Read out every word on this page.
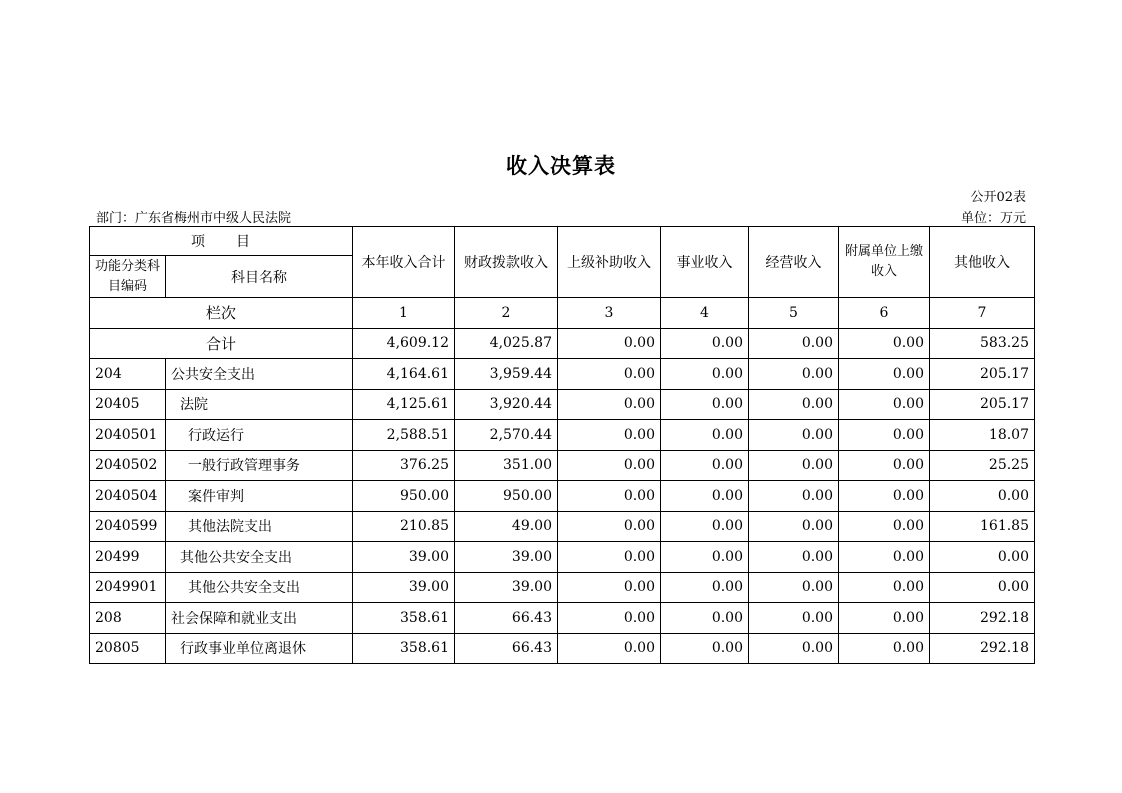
收入决算表
公开02表
部门：广东省梅州市中级人民法院	单位：万元
项　　目		本年收入合计	财政拨款收入	上级补助收入	事业收入	经营收入	附属单位上缴收入	其他收入
功能分类科目编码	科目名称							
栏次		1	2	3	4	5	6	7
合计		4,609.12	4,025.87	0.00	0.00	0.00	0.00	583.25
204	公共安全支出	4,164.61	3,959.44	0.00	0.00	0.00	0.00	205.17
20405	法院	4,125.61	3,920.44	0.00	0.00	0.00	0.00	205.17
2040501	行政运行	2,588.51	2,570.44	0.00	0.00	0.00	0.00	18.07
2040502	一般行政管理事务	376.25	351.00	0.00	0.00	0.00	0.00	25.25
2040504	案件审判	950.00	950.00	0.00	0.00	0.00	0.00	0.00
2040599	其他法院支出	210.85	49.00	0.00	0.00	0.00	0.00	161.85
20499	其他公共安全支出	39.00	39.00	0.00	0.00	0.00	0.00	0.00
2049901	其他公共安全支出	39.00	39.00	0.00	0.00	0.00	0.00	0.00
208	社会保障和就业支出	358.61	66.43	0.00	0.00	0.00	0.00	292.18
20805	行政事业单位离退休	358.61	66.43	0.00	0.00	0.00	0.00	292.18
